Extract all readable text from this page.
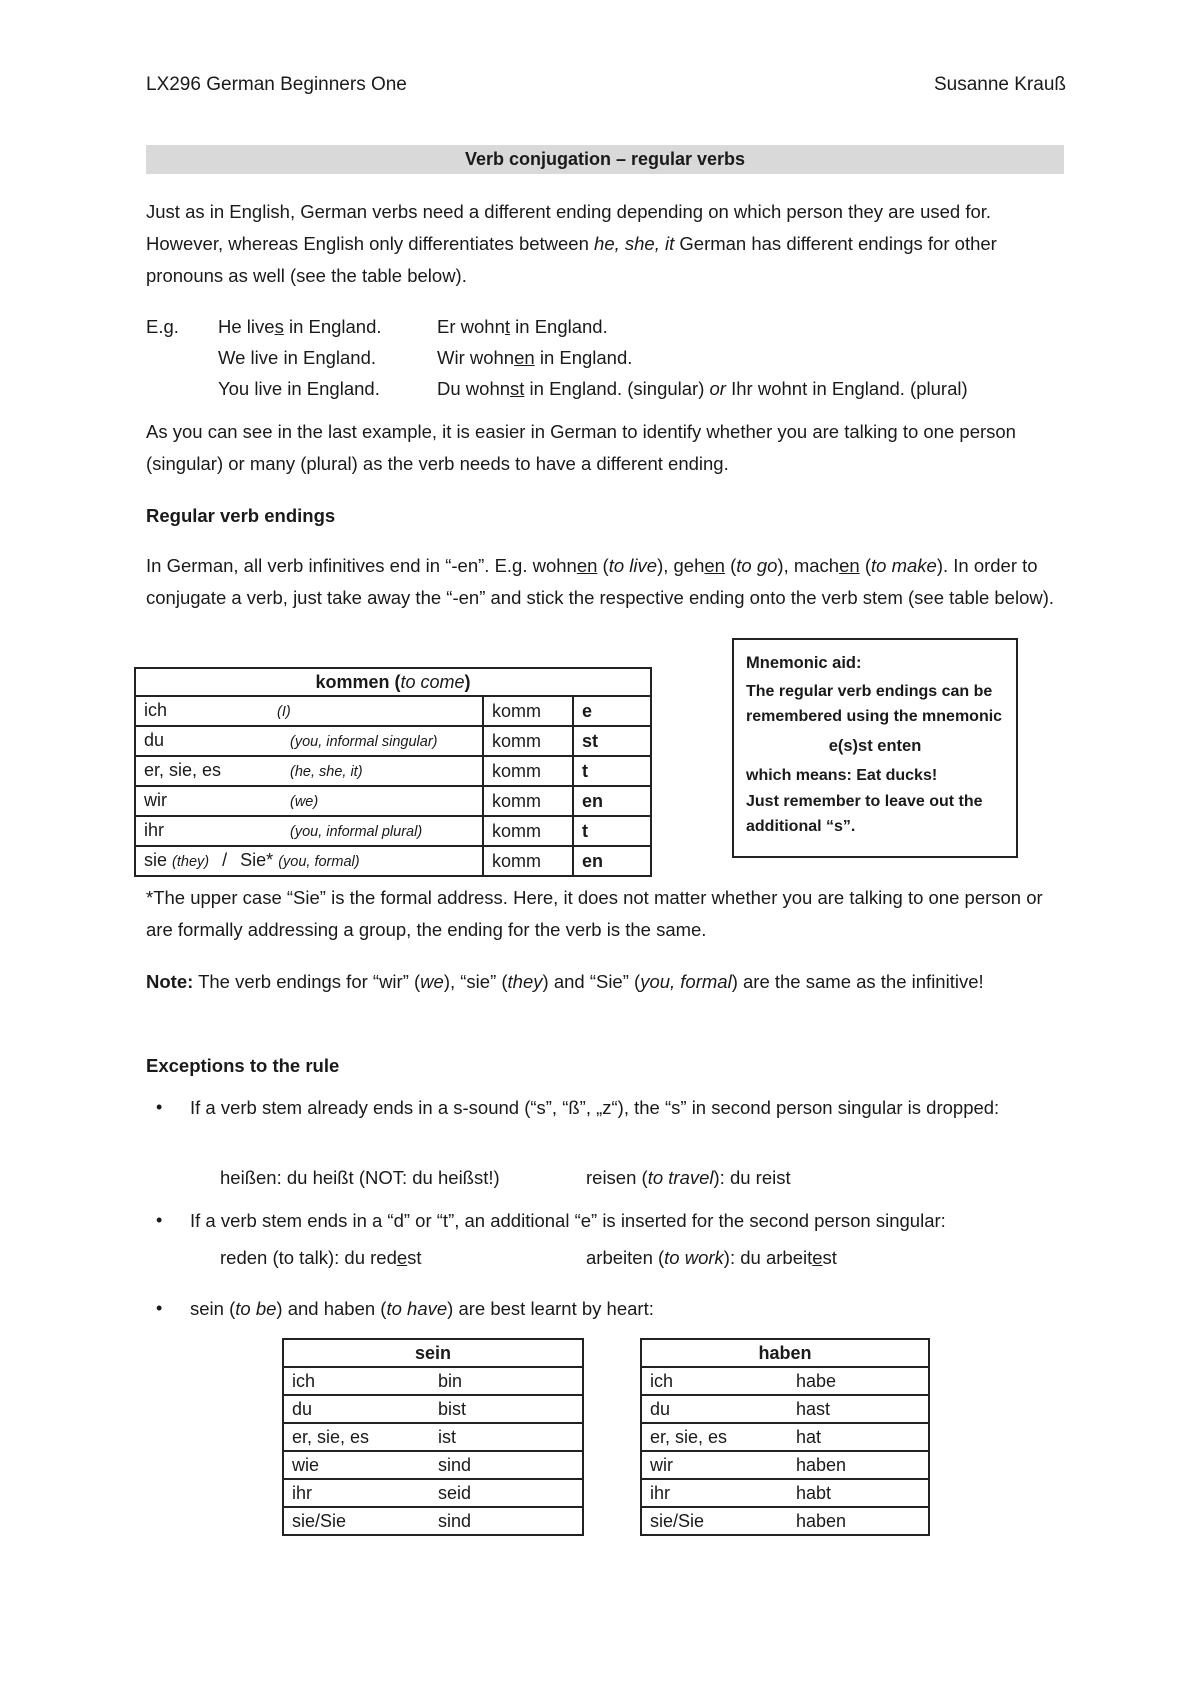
LX296 German Beginners One	Susanne Krauß
Verb conjugation – regular verbs
Just as in English, German verbs need a different ending depending on which person they are used for. However, whereas English only differentiates between he, she, it German has different endings for other pronouns as well (see the table below).
E.g. He lives in England.	Er wohnt in England.
We live in England.	Wir wohnen in England.
You live in England.	Du wohnst in England. (singular) or Ihr wohnt in England. (plural)
As you can see in the last example, it is easier in German to identify whether you are talking to one person (singular) or many (plural) as the verb needs to have a different ending.
Regular verb endings
In German, all verb infinitives end in “-en”. E.g. wohnen (to live), gehen (to go), machen (to make). In order to conjugate a verb, just take away the “-en” and stick the respective ending onto the verb stem (see table below).
kommen (to come)		
ich (I)	komm	e
du (you, informal singular)	komm	st
er, sie, es (he, she, it)	komm	t
wir (we)	komm	en
ihr (you, informal plural)	komm	t
sie (they) / Sie* (you, formal)	komm	en
Mnemonic aid:
The regular verb endings can be remembered using the mnemonic
e(s)st enten
which means: Eat ducks!
Just remember to leave out the additional “s”.
*The upper case “Sie” is the formal address. Here, it does not matter whether you are talking to one person or are formally addressing a group, the ending for the verb is the same.
Note: The verb endings for “wir” (we), “sie” (they) and “Sie” (you, formal) are the same as the infinitive!
Exceptions to the rule
• If a verb stem already ends in a s-sound (“s”, “ß”, „z“), the “s” in second person singular is dropped:
heißen: du heißt (NOT: du heißst!)	reisen (to travel): du reist
• If a verb stem ends in a “d” or “t”, an additional “e” is inserted for the second person singular:
reden (to talk): du redest	arbeiten (to work): du arbeitest
• sein (to be) and haben (to have) are best learnt by heart:
sein	
ich	bin
du	bist
er, sie, es	ist
wie	sind
ihr	seid
sie/Sie	sind
haben	
ich	habe
du	hast
er, sie, es	hat
wir	haben
ihr	habt
sie/Sie	haben
